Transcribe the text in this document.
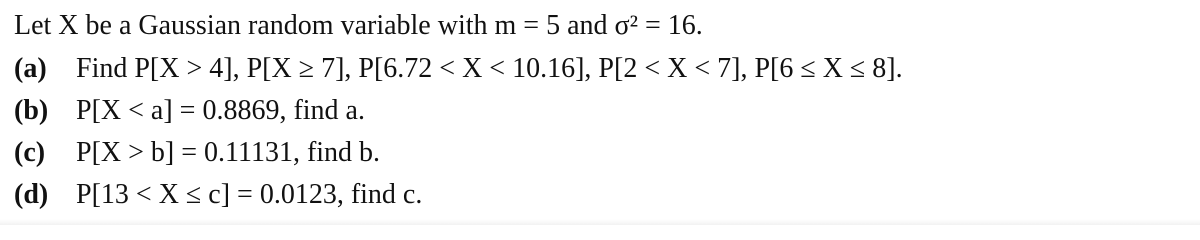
Let X be a Gaussian random variable with m = 5 and σ² = 16.
(a) Find P[X > 4], P[X ≥ 7], P[6.72 < X < 10.16], P[2 < X < 7], P[6 ≤ X ≤ 8].
(b) P[X < a] = 0.8869, find a.
(c) P[X > b] = 0.11131, find b.
(d) P[13 < X ≤ c] = 0.0123, find c.
